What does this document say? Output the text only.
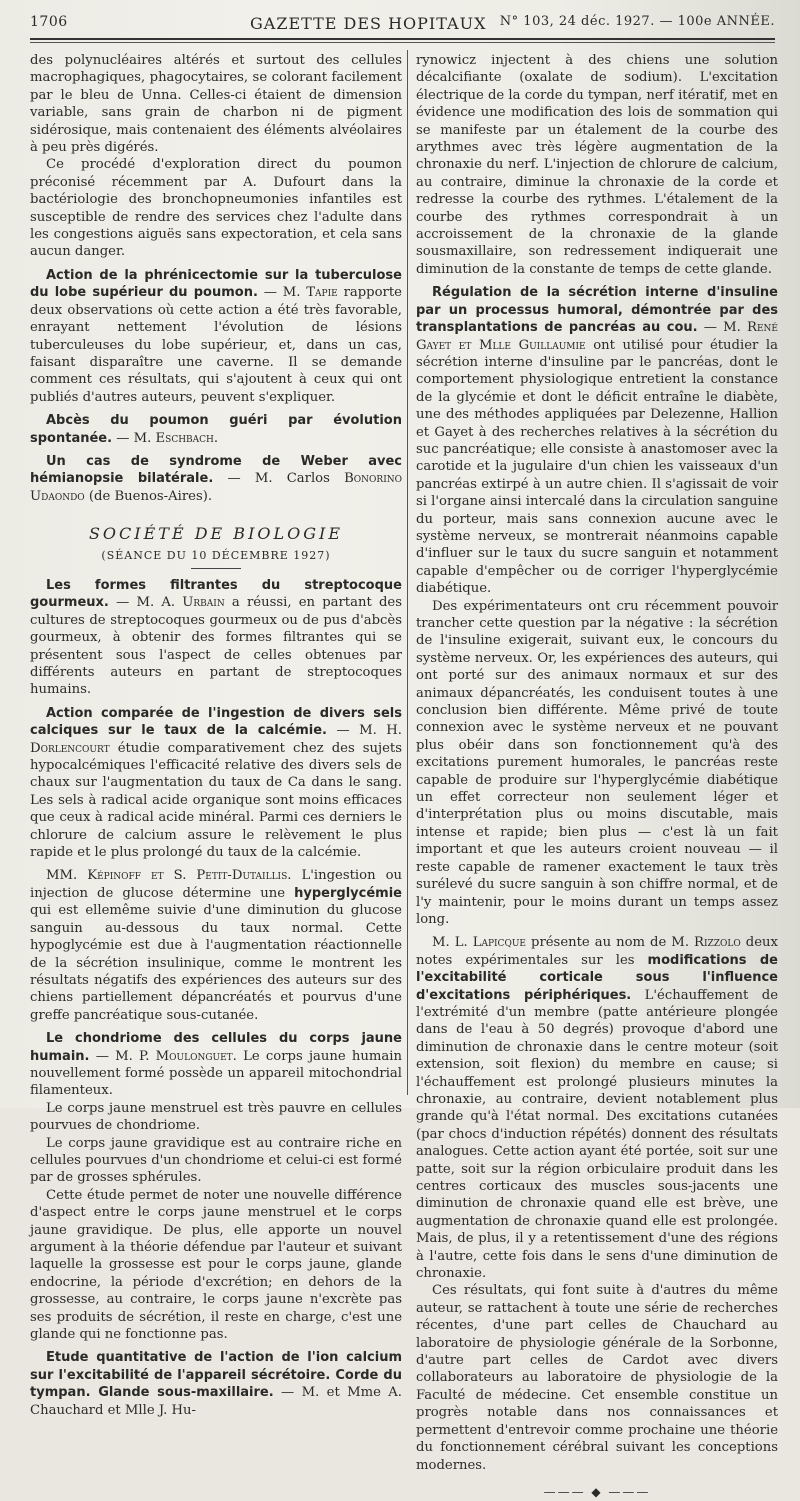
1706	GAZETTE DES HOPITAUX N° 103, 24 déc. 1927. — 100e ANNÉE.

des polynucléaires altérés et surtout des cellules macrophagiques, phagocytaires, se colorant facilement par le bleu de Unna. Celles-ci étaient de dimension variable, sans grain de charbon ni de pigment sidérosique, mais contenaient des éléments alvéolaires à peu près digérés.

Ce procédé d'exploration direct du poumon préconisé récemment par A. Dufourt dans la bactériologie des bronchopneumonies infantiles est susceptible de rendre des services chez l'adulte dans les congestions aiguës sans expectoration, et cela sans aucun danger.

Action de la phrénicectomie sur la tuberculose du lobe supérieur du poumon. — M. Tapie rapporte deux observations où cette action a été très favorable, enrayant nettement l'évolution de lésions tuberculeuses du lobe supérieur, et, dans un cas, faisant disparaître une caverne. Il se demande comment ces résultats, qui s'ajoutent à ceux qui ont publiés d'autres auteurs, peuvent s'expliquer.

Abcès du poumon guéri par évolution spontanée. — M. Eschbach.

Un cas de syndrome de Weber avec hémianopsie bilatérale. — M. Carlos Bonorino Udaondo (de Buenos-Aires).

SOCIÉTÉ DE BIOLOGIE
(SÉANCE DU 10 DÉCEMBRE 1927)

Les formes filtrantes du streptocoque gourmeux. — M. A. Urbain a réussi, en partant des cultures de streptocoques gourmeux ou de pus d'abcès gourmeux, à obtenir des formes filtrantes qui se présentent sous l'aspect de celles obtenues par différents auteurs en partant de streptocoques humains.

Action comparée de l'ingestion de divers sels calciques sur le taux de la calcémie. — M. H. Dorlencourt étudie comparativement chez des sujets hypocalcémiques l'efficacité relative des divers sels de chaux sur l'augmentation du taux de Ca dans le sang. Les sels à radical acide organique sont moins efficaces que ceux à radical acide minéral. Parmi ces derniers le chlorure de calcium assure le relèvement le plus rapide et le plus prolongé du taux de la calcémie.

MM. Képinoff et S. Petit-Dutaillis. L'ingestion ou injection de glucose détermine une hyperglycémie qui est ellemême suivie d'une diminution du glucose sanguin au-dessous du taux normal. Cette hypoglycémie est due à l'augmentation réactionnelle de la sécrétion insulinique, comme le montrent les résultats négatifs des expériences des auteurs sur des chiens partiellement dépancréatés et pourvus d'une greffe pancréatique sous-cutanée.

Le chondriome des cellules du corps jaune humain. — M. P. Moulonguet. Le corps jaune humain nouvellement formé possède un appareil mitochondrial filamenteux.

Le corps jaune menstruel est très pauvre en cellules pourvues de chondriome.

Le corps jaune gravidique est au contraire riche en cellules pourvues d'un chondriome et celui-ci est formé par de grosses sphérules.

Cette étude permet de noter une nouvelle différence d'aspect entre le corps jaune menstruel et le corps jaune gravidique. De plus, elle apporte un nouvel argument à la théorie défendue par l'auteur et suivant laquelle la grossesse est pour le corps jaune, glande endocrine, la période d'excrétion; en dehors de la grossesse, au contraire, le corps jaune n'excrète pas ses produits de sécrétion, il reste en charge, c'est une glande qui ne fonctionne pas.

Etude quantitative de l'action de l'ion calcium sur l'excitabilité de l'appareil sécrétoire. Corde du tympan. Glande sous-maxillaire. — M. et Mme A. Chauchard et Mlle J. Hu-

rynowicz injectent à des chiens une solution décalcifiante (oxalate de sodium). L'excitation électrique de la corde du tympan, nerf itératif, met en évidence une modification des lois de sommation qui se manifeste par un étalement de la courbe des arythmes avec très légère augmentation de la chronaxie du nerf. L'injection de chlorure de calcium, au contraire, diminue la chronaxie de la corde et redresse la courbe des rythmes. L'étalement de la courbe des rythmes correspondrait à un accroissement de la chronaxie de la glande sousmaxillaire, son redressement indiquerait une diminution de la constante de temps de cette glande.

Régulation de la sécrétion interne d'insuline par un processus humoral, démontrée par des transplantations de pancréas au cou. — M. René Gayet et Mlle Guillaumie ont utilisé pour étudier la sécrétion interne d'insuline par le pancréas, dont le comportement physiologique entretient la constance de la glycémie et dont le déficit entraîne le diabète, une des méthodes appliquées par Delezenne, Hallion et Gayet à des recherches relatives à la sécrétion du suc pancréatique; elle consiste à anastomoser avec la carotide et la jugulaire d'un chien les vaisseaux d'un pancréas extirpé à un autre chien. Il s'agissait de voir si l'organe ainsi intercalé dans la circulation sanguine du porteur, mais sans connexion aucune avec le système nerveux, se montrerait néanmoins capable d'influer sur le taux du sucre sanguin et notamment capable d'empêcher ou de corriger l'hyperglycémie diabétique.

Des expérimentateurs ont cru récemment pouvoir trancher cette question par la négative : la sécrétion de l'insuline exigerait, suivant eux, le concours du système nerveux. Or, les expériences des auteurs, qui ont porté sur des animaux normaux et sur des animaux dépancréatés, les conduisent toutes à une conclusion bien différente. Même privé de toute connexion avec le système nerveux et ne pouvant plus obéir dans son fonctionnement qu'à des excitations purement humorales, le pancréas reste capable de produire sur l'hyperglycémie diabétique un effet correcteur non seulement léger et d'interprétation plus ou moins discutable, mais intense et rapide; bien plus — c'est là un fait important et que les auteurs croient nouveau — il reste capable de ramener exactement le taux très surélevé du sucre sanguin à son chiffre normal, et de l'y maintenir, pour le moins durant un temps assez long.

M. L. Lapicque présente au nom de M. Rizzolo deux notes expérimentales sur les modifications de l'excitabilité corticale sous l'influence d'excitations périphériques. L'échauffement de l'extrémité d'un membre (patte antérieure plongée dans de l'eau à 50 degrés) provoque d'abord une diminution de chronaxie dans le centre moteur (soit extension, soit flexion) du membre en cause; si l'échauffement est prolongé plusieurs minutes la chronaxie, au contraire, devient notablement plus grande qu'à l'état normal. Des excitations cutanées (par chocs d'induction répétés) donnent des résultats analogues. Cette action ayant été portée, soit sur une patte, soit sur la région orbiculaire produit dans les centres corticaux des muscles sous-jacents une diminution de chronaxie quand elle est brève, une augmentation de chronaxie quand elle est prolongée. Mais, de plus, il y a retentissement d'une des régions à l'autre, cette fois dans le sens d'une diminution de chronaxie.

Ces résultats, qui font suite à d'autres du même auteur, se rattachent à toute une série de recherches récentes, d'une part celles de Chauchard au laboratoire de physiologie générale de la Sorbonne, d'autre part celles de Cardot avec divers collaborateurs au laboratoire de physiologie de la Faculté de médecine. Cet ensemble constitue un progrès notable dans nos connaissances et permettent d'entrevoir comme prochaine une théorie du fonctionnement cérébral suivant les conceptions modernes.

——— ◆ ———
